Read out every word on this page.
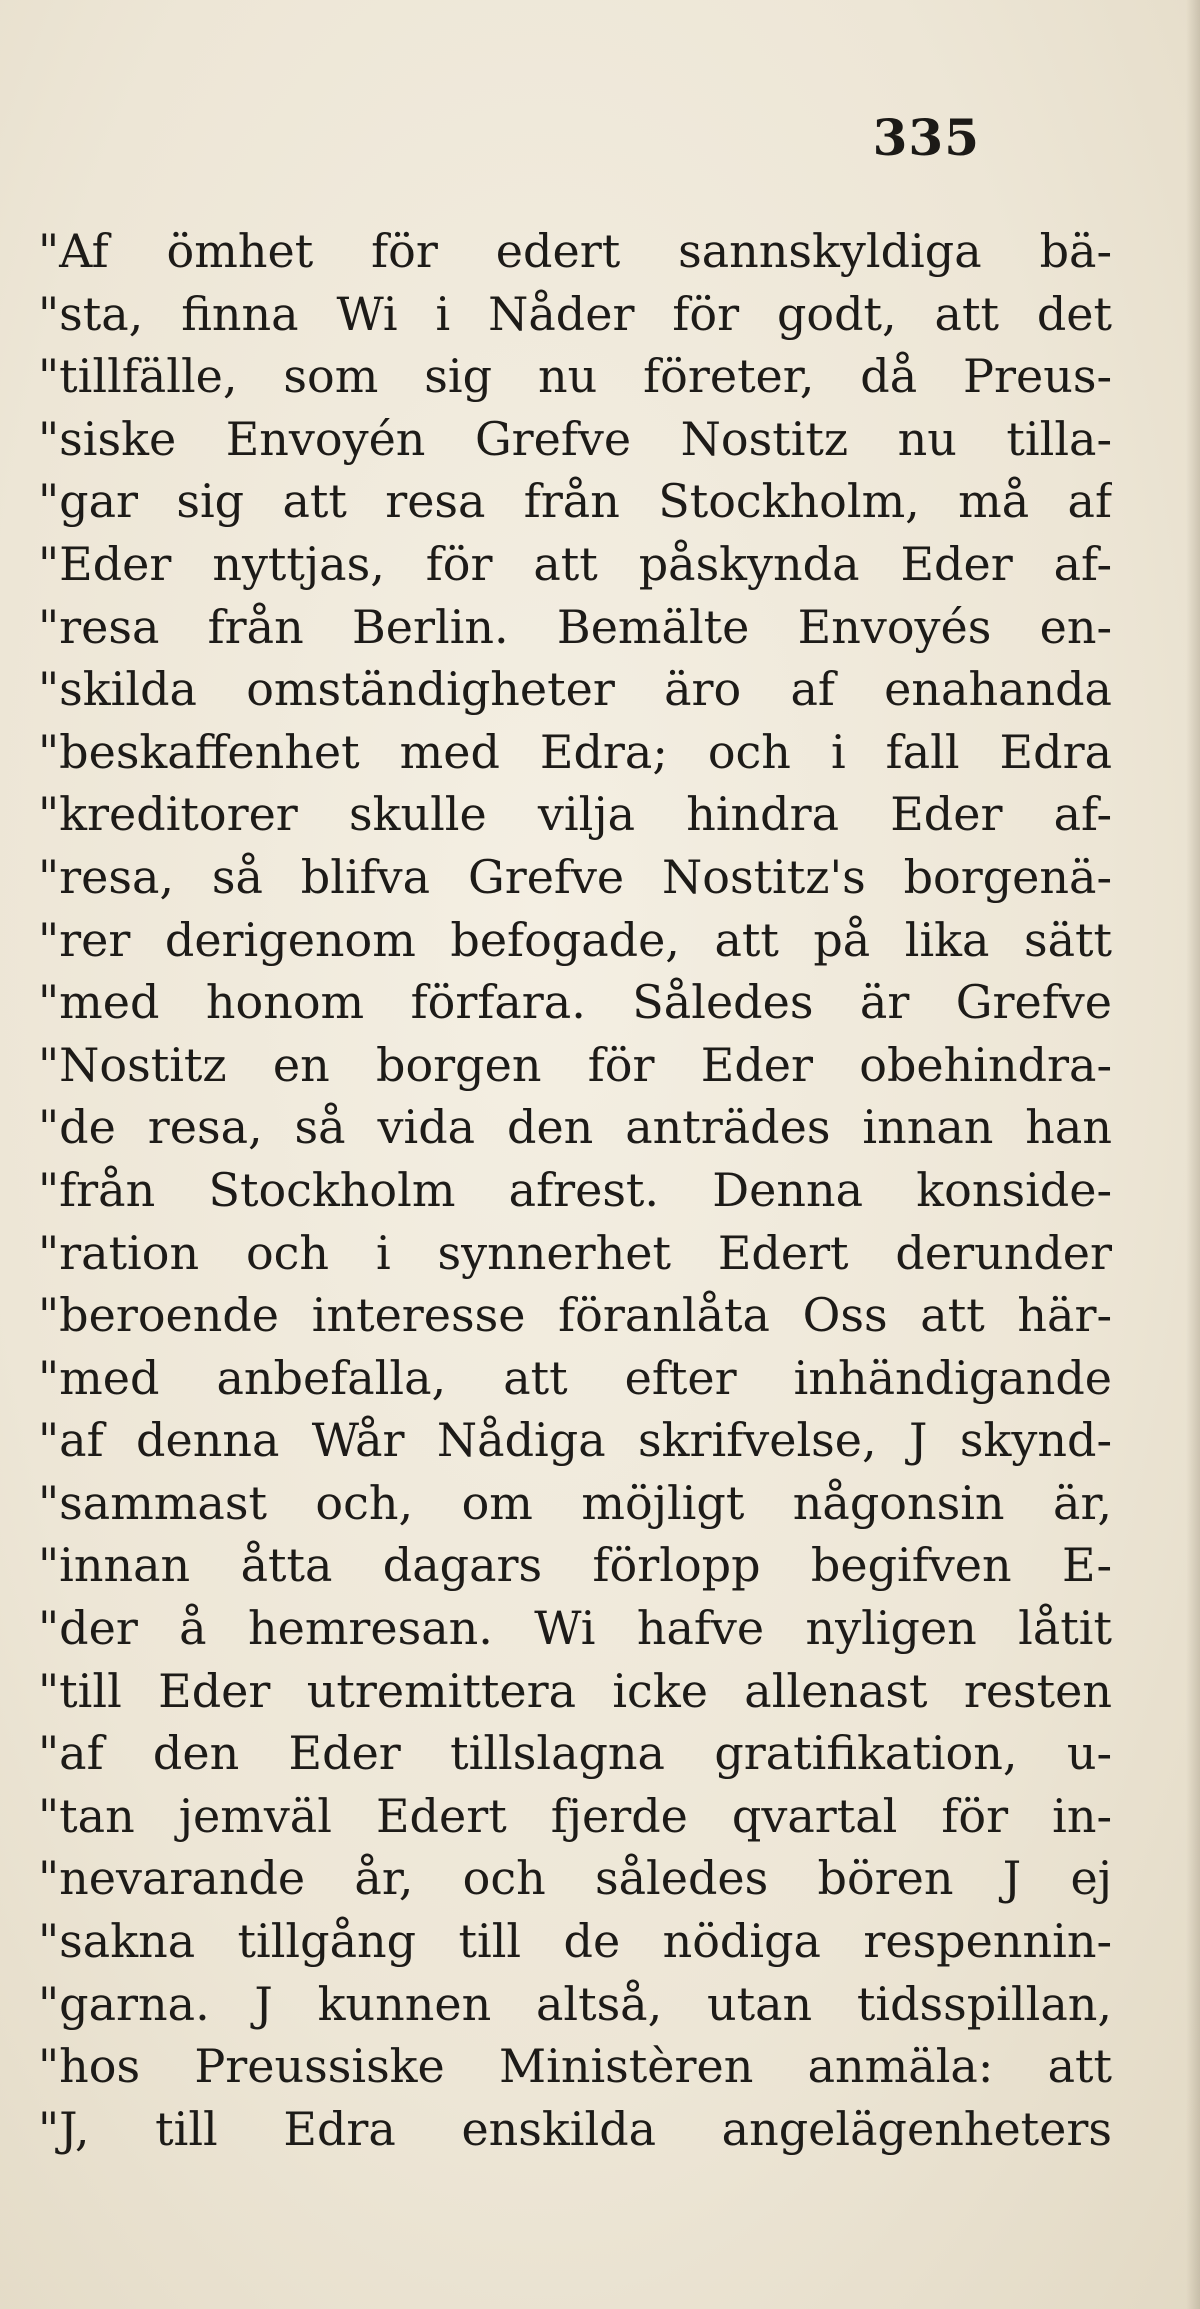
335
"Af ömhet för edert sannskyldiga bä-
"sta, finna Wi i Nåder för godt, att det
"tillfälle, som sig nu företer, då Preus-
"siske Envoyén Grefve Nostitz nu tilla-
"gar sig att resa från Stockholm, må af
"Eder nyttjas, för att påskynda Eder af-
"resa från Berlin. Bemälte Envoyés en-
"skilda omständigheter äro af enahanda
"beskaffenhet med Edra; och i fall Edra
"kreditorer skulle vilja hindra Eder af-
"resa, så blifva Grefve Nostitz's borgenä-
"rer derigenom befogade, att på lika sätt
"med honom förfara. Således är Grefve
"Nostitz en borgen för Eder obehindra-
"de resa, så vida den anträdes innan han
"från Stockholm afrest. Denna konside-
"ration och i synnerhet Edert derunder
"beroende interesse föranlåta Oss att här-
"med anbefalla, att efter inhändigande
"af denna Wår Nådiga skrifvelse, J skynd-
"sammast och, om möjligt någonsin är,
"innan åtta dagars förlopp begifven E-
"der å hemresan. Wi hafve nyligen låtit
"till Eder utremittera icke allenast resten
"af den Eder tillslagna gratifikation, u-
"tan jemväl Edert fjerde qvartal för in-
"nevarande år, och således bören J ej
"sakna tillgång till de nödiga respennin-
"garna. J kunnen altså, utan tidsspillan,
"hos Preussiske Ministèren anmäla: att
"J, till Edra enskilda angelägenheters
